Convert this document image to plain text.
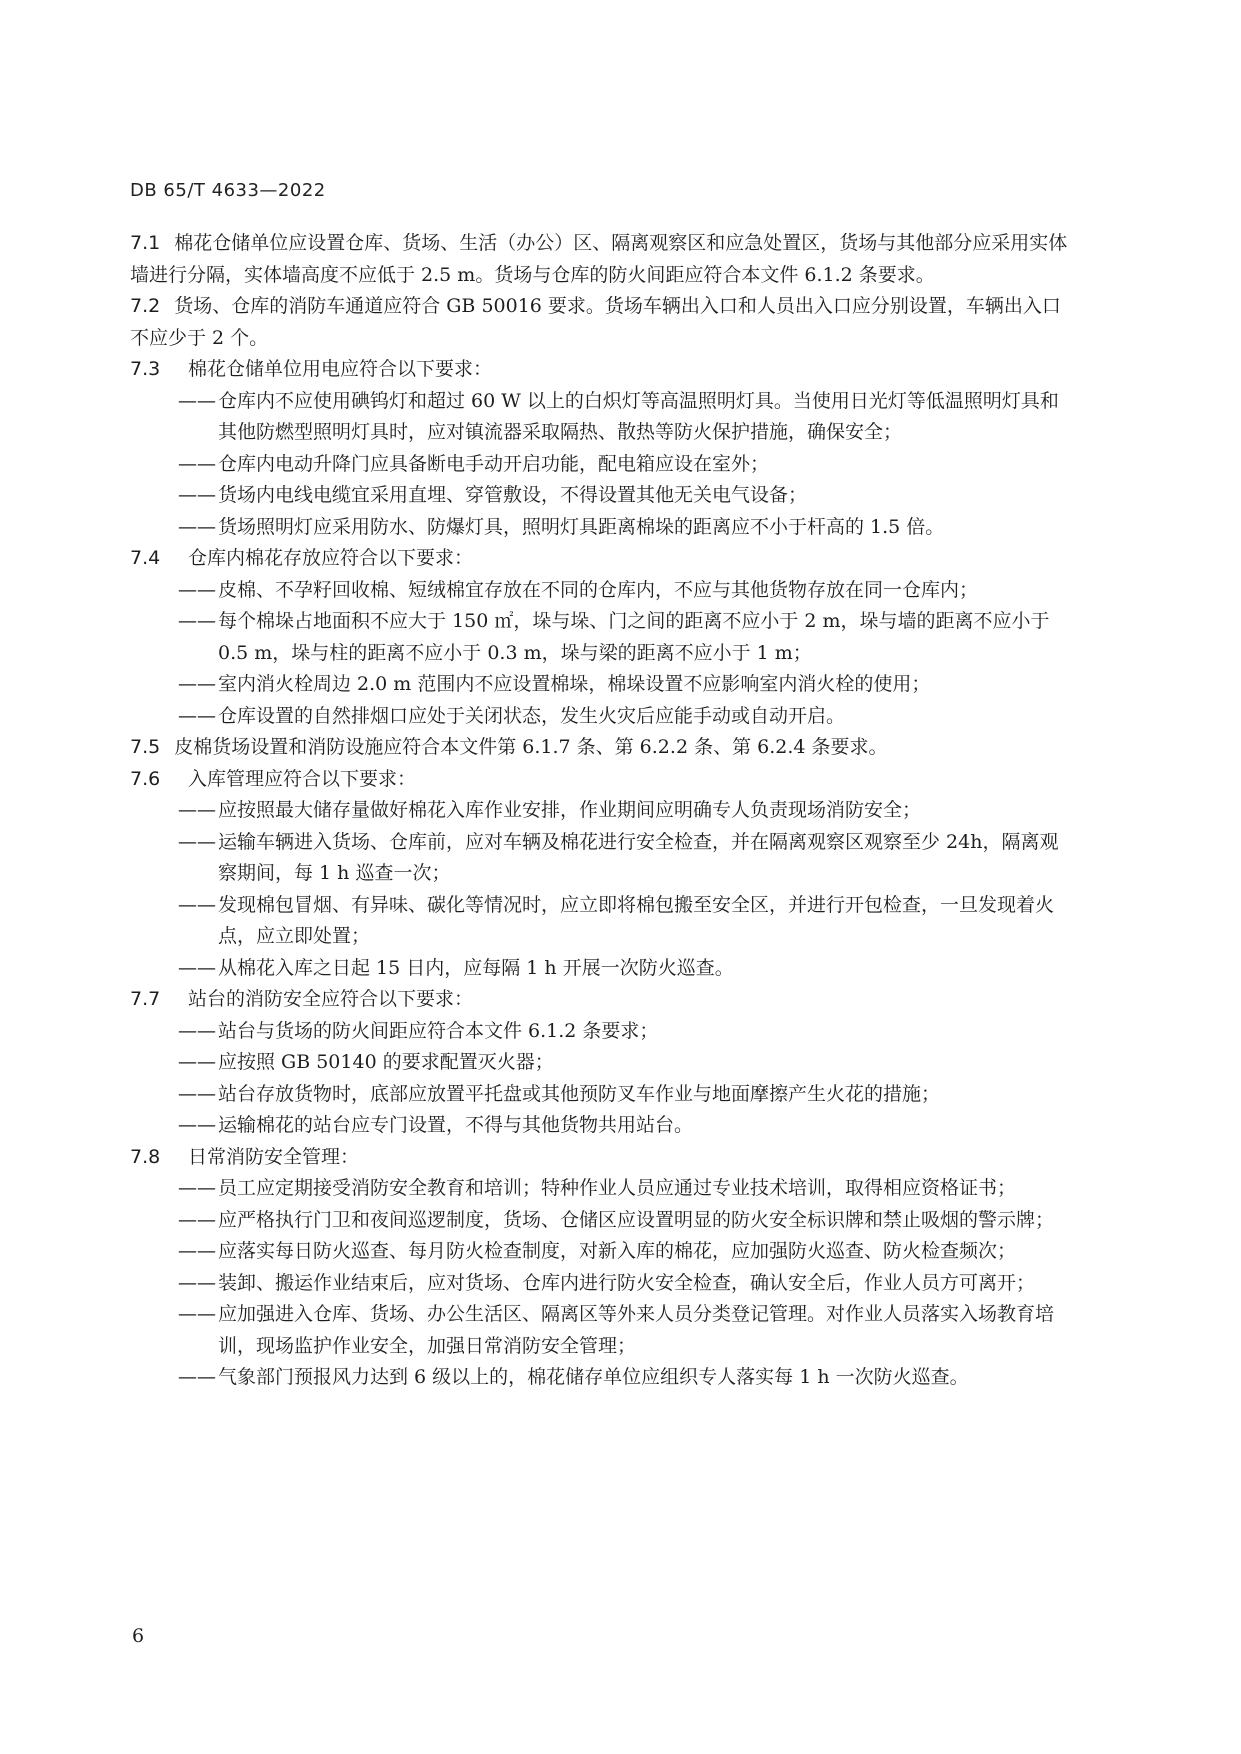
DB 65/T 4633—2022

7.1 棉花仓储单位应设置仓库、货场、生活（办公）区、隔离观察区和应急处置区，货场与其他部分应采用实体墙进行分隔，实体墙高度不应低于 2.5 m。货场与仓库的防火间距应符合本文件 6.1.2 条要求。

7.2 货场、仓库的消防车通道应符合 GB 50016 要求。货场车辆出入口和人员出入口应分别设置，车辆出入口不应少于 2 个。

7.3 棉花仓储单位用电应符合以下要求：

—— 仓库内不应使用碘钨灯和超过 60 W 以上的白炽灯等高温照明灯具。当使用日光灯等低温照明灯具和其他防燃型照明灯具时，应对镇流器采取隔热、散热等防火保护措施，确保安全；

—— 仓库内电动升降门应具备断电手动开启功能，配电箱应设在室外；

—— 货场内电线电缆宜采用直埋、穿管敷设，不得设置其他无关电气设备；

—— 货场照明灯应采用防水、防爆灯具，照明灯具距离棉垛的距离应不小于杆高的 1.5 倍。

7.4 仓库内棉花存放应符合以下要求：

—— 皮棉、不孕籽回收棉、短绒棉宜存放在不同的仓库内，不应与其他货物存放在同一仓库内；

—— 每个棉垛占地面积不应大于 150 ㎡，垛与垛、门之间的距离不应小于 2 m，垛与墙的距离不应小于 0.5 m，垛与柱的距离不应小于 0.3 m，垛与梁的距离不应小于 1 m；

—— 室内消火栓周边 2.0 m 范围内不应设置棉垛，棉垛设置不应影响室内消火栓的使用；

—— 仓库设置的自然排烟口应处于关闭状态，发生火灾后应能手动或自动开启。

7.5 皮棉货场设置和消防设施应符合本文件第 6.1.7 条、第 6.2.2 条、第 6.2.4 条要求。

7.6 入库管理应符合以下要求：

—— 应按照最大储存量做好棉花入库作业安排，作业期间应明确专人负责现场消防安全；

—— 运输车辆进入货场、仓库前，应对车辆及棉花进行安全检查，并在隔离观察区观察至少 24h，隔离观察期间，每 1 h 巡查一次；

—— 发现棉包冒烟、有异味、碳化等情况时，应立即将棉包搬至安全区，并进行开包检查，一旦发现着火点，应立即处置；

—— 从棉花入库之日起 15 日内，应每隔 1 h 开展一次防火巡查。

7.7 站台的消防安全应符合以下要求：

—— 站台与货场的防火间距应符合本文件 6.1.2 条要求；

—— 应按照 GB 50140 的要求配置灭火器；

—— 站台存放货物时，底部应放置平托盘或其他预防叉车作业与地面摩擦产生火花的措施；

—— 运输棉花的站台应专门设置，不得与其他货物共用站台。

7.8 日常消防安全管理：

—— 员工应定期接受消防安全教育和培训；特种作业人员应通过专业技术培训，取得相应资格证书；

—— 应严格执行门卫和夜间巡逻制度，货场、仓储区应设置明显的防火安全标识牌和禁止吸烟的警示牌；

—— 应落实每日防火巡查、每月防火检查制度，对新入库的棉花，应加强防火巡查、防火检查频次；

—— 装卸、搬运作业结束后，应对货场、仓库内进行防火安全检查，确认安全后，作业人员方可离开；

—— 应加强进入仓库、货场、办公生活区、隔离区等外来人员分类登记管理。对作业人员落实入场教育培训，现场监护作业安全，加强日常消防安全管理；

—— 气象部门预报风力达到 6 级以上的，棉花储存单位应组织专人落实每 1 h 一次防火巡查。

6
